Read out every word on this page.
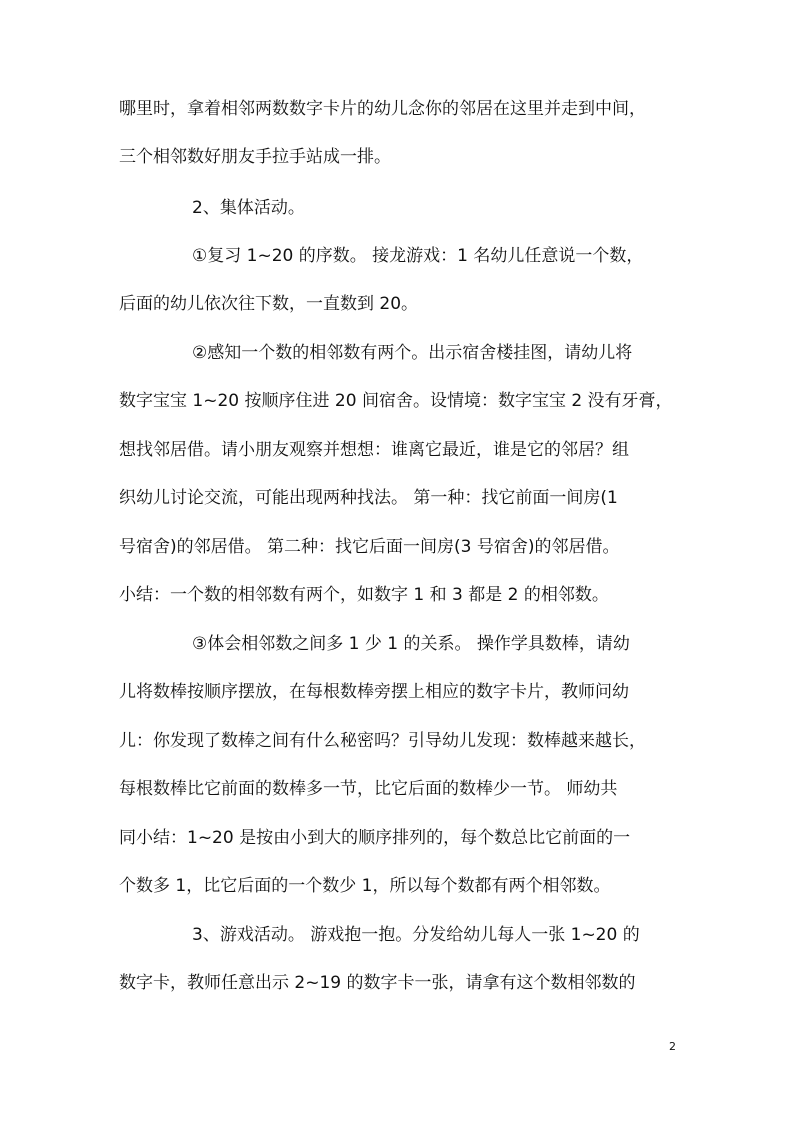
哪里时，拿着相邻两数数字卡片的幼儿念你的邻居在这里并走到中间，
三个相邻数好朋友手拉手站成一排。
2、集体活动。
①复习 1~20 的序数。 接龙游戏：1 名幼儿任意说一个数，
后面的幼儿依次往下数，一直数到 20。
②感知一个数的相邻数有两个。出示宿舍楼挂图，请幼儿将
数字宝宝 1~20 按顺序住进 20 间宿舍。设情境：数字宝宝 2 没有牙膏，
想找邻居借。请小朋友观察并想想：谁离它最近，谁是它的邻居？组
织幼儿讨论交流，可能出现两种找法。 第一种：找它前面一间房(1
号宿舍)的邻居借。 第二种：找它后面一间房(3 号宿舍)的邻居借。
小结：一个数的相邻数有两个，如数字 1 和 3 都是 2 的相邻数。
③体会相邻数之间多 1 少 1 的关系。 操作学具数棒，请幼
儿将数棒按顺序摆放，在每根数棒旁摆上相应的数字卡片，教师问幼
儿：你发现了数棒之间有什么秘密吗？引导幼儿发现：数棒越来越长，
每根数棒比它前面的数棒多一节，比它后面的数棒少一节。 师幼共
同小结：1~20 是按由小到大的顺序排列的，每个数总比它前面的一
个数多 1，比它后面的一个数少 1，所以每个数都有两个相邻数。
3、游戏活动。 游戏抱一抱。分发给幼儿每人一张 1~20 的
数字卡，教师任意出示 2~19 的数字卡一张，请拿有这个数相邻数的
2
